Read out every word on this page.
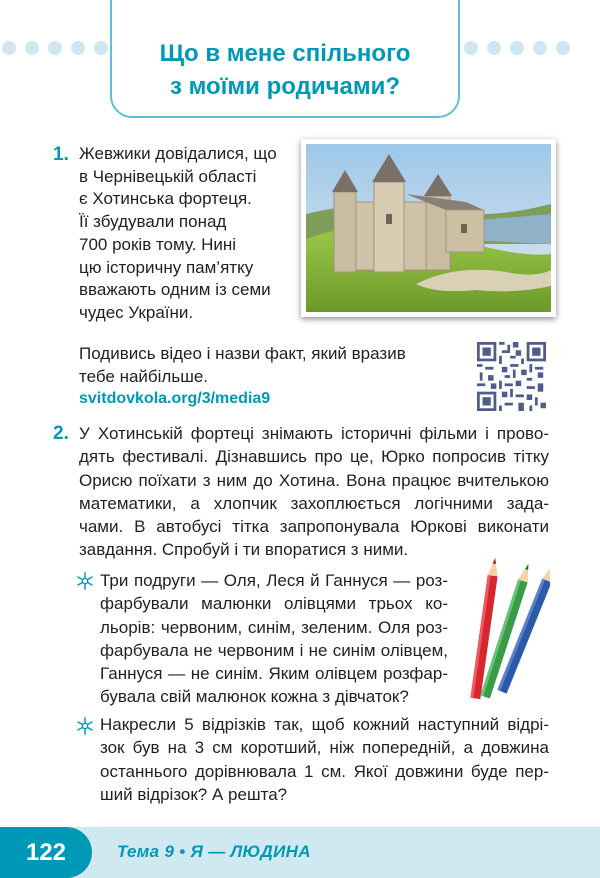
Що в мене спільного
з моїми родичами?
1. Жевжики довідалися, що
в Чернівецькій області
є Хотинська фортеця.
Її збудували понад
700 років тому. Нині
цю історичну пам’ятку
вважають одним із семи
чудес України.
Подивись відео і назви факт, який вразив
тебе найбільше.
svitdovkola.org/3/media9
2. У Хотинській фортеці знімають історичні фільми і прово-
дять фестивалі. Дізнавшись про це, Юрко попросив тітку
Орисю поїхати з ним до Хотина. Вона працює вчителькою
математики, а хлопчик захоплюється логічними зада-
чами. В автобусі тітка запропонувала Юркові виконати
завдання. Спробуй і ти впоратися з ними.
Три подруги — Оля, Леся й Ганнуся — роз-
фарбували малюнки олівцями трьох ко-
льорів: червоним, синім, зеленим. Оля роз-
фарбувала не червоним і не синім олівцем,
Ганнуся — не синім. Яким олівцем розфар-
бувала свій малюнок кожна з дівчаток?
Накресли 5 відрізків так, щоб кожний наступний відрі-
зок був на 3 см коротший, ніж попередній, а довжина
останнього дорівнювала 1 см. Якої довжини буде пер-
ший відрізок? А решта?
122	Тема 9 • Я — ЛЮДИНА
